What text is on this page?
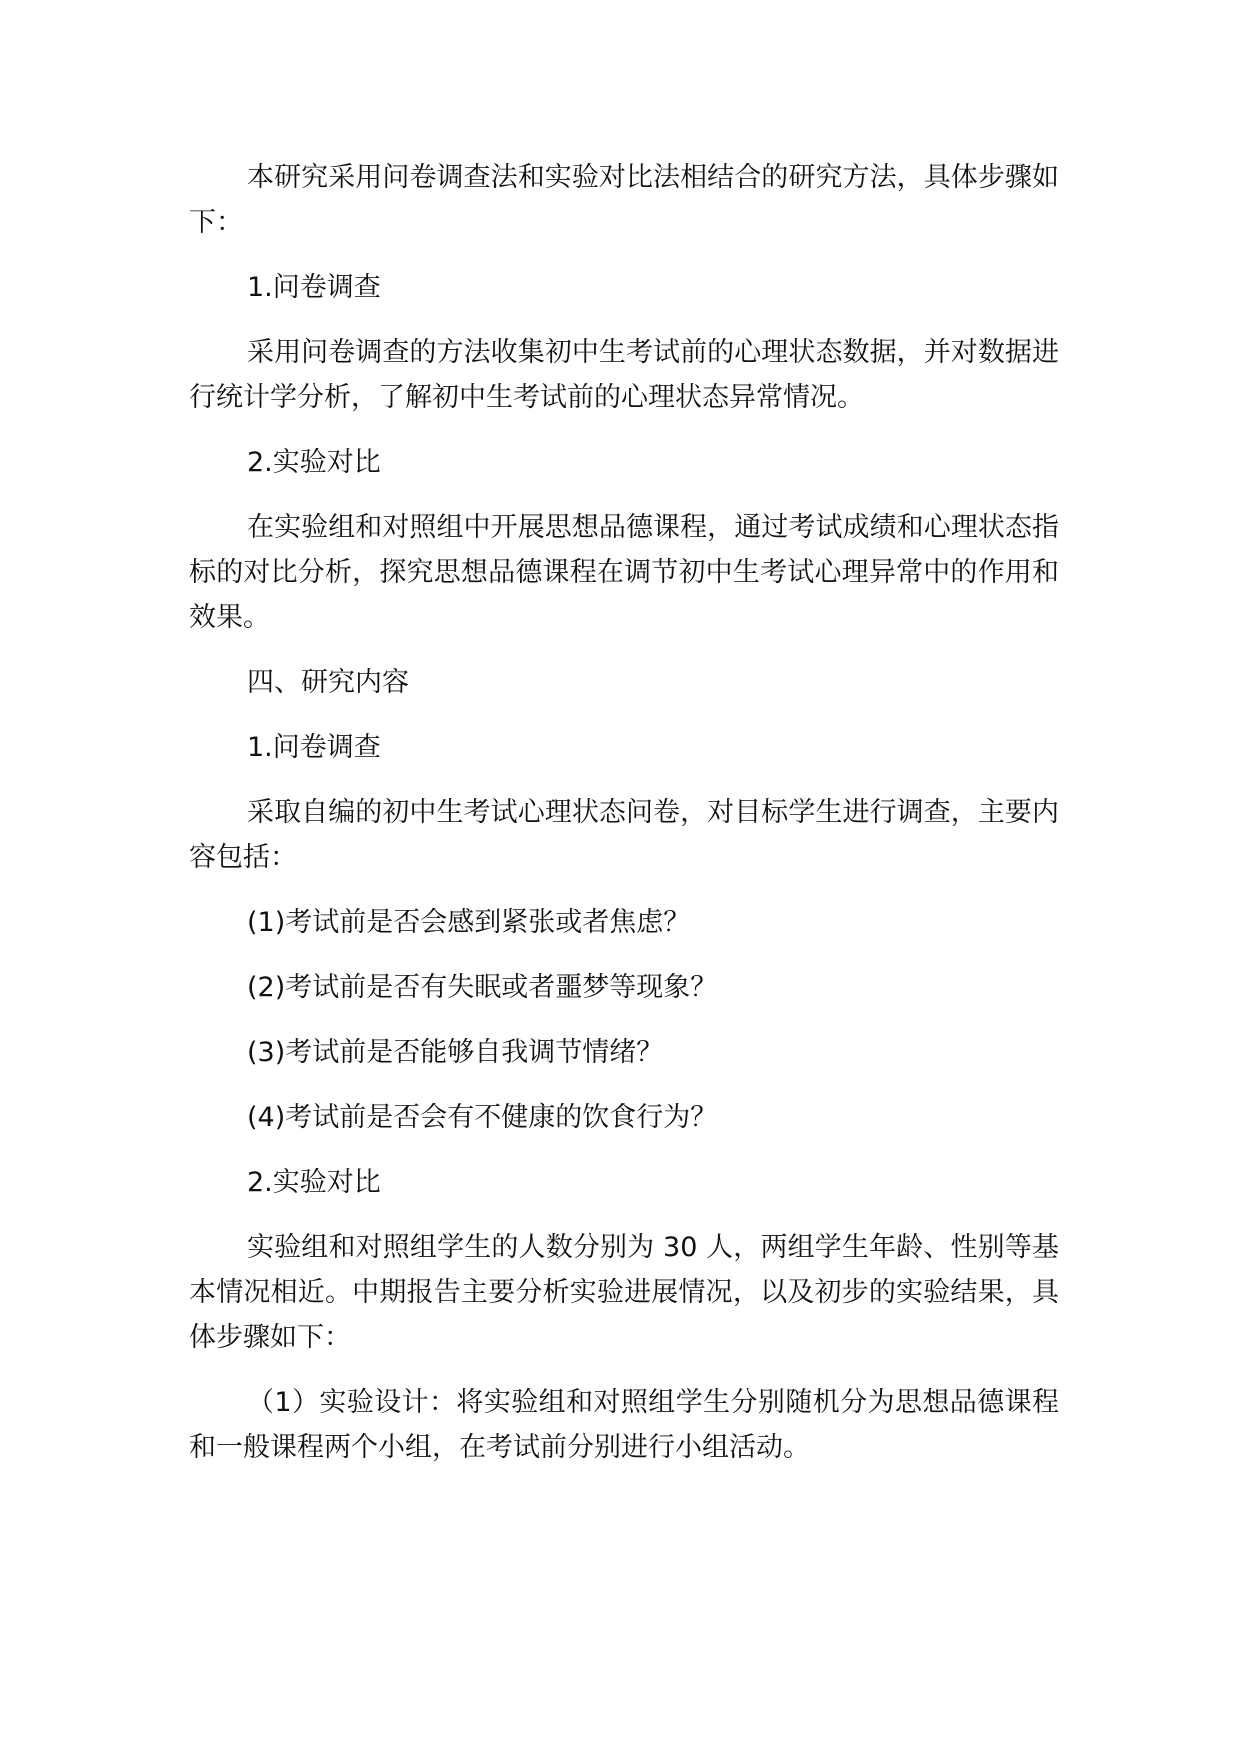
本研究采用问卷调查法和实验对比法相结合的研究方法，具体步骤如下：

1.问卷调查

采用问卷调查的方法收集初中生考试前的心理状态数据，并对数据进行统计学分析，了解初中生考试前的心理状态异常情况。

2.实验对比

在实验组和对照组中开展思想品德课程，通过考试成绩和心理状态指标的对比分析，探究思想品德课程在调节初中生考试心理异常中的作用和效果。

四、研究内容

1.问卷调查

采取自编的初中生考试心理状态问卷，对目标学生进行调查，主要内容包括：

(1)考试前是否会感到紧张或者焦虑？

(2)考试前是否有失眠或者噩梦等现象？

(3)考试前是否能够自我调节情绪？

(4)考试前是否会有不健康的饮食行为？

2.实验对比

实验组和对照组学生的人数分别为 30 人，两组学生年龄、性别等基本情况相近。中期报告主要分析实验进展情况，以及初步的实验结果，具体步骤如下：

（1）实验设计：将实验组和对照组学生分别随机分为思想品德课程和一般课程两个小组，在考试前分别进行小组活动。
